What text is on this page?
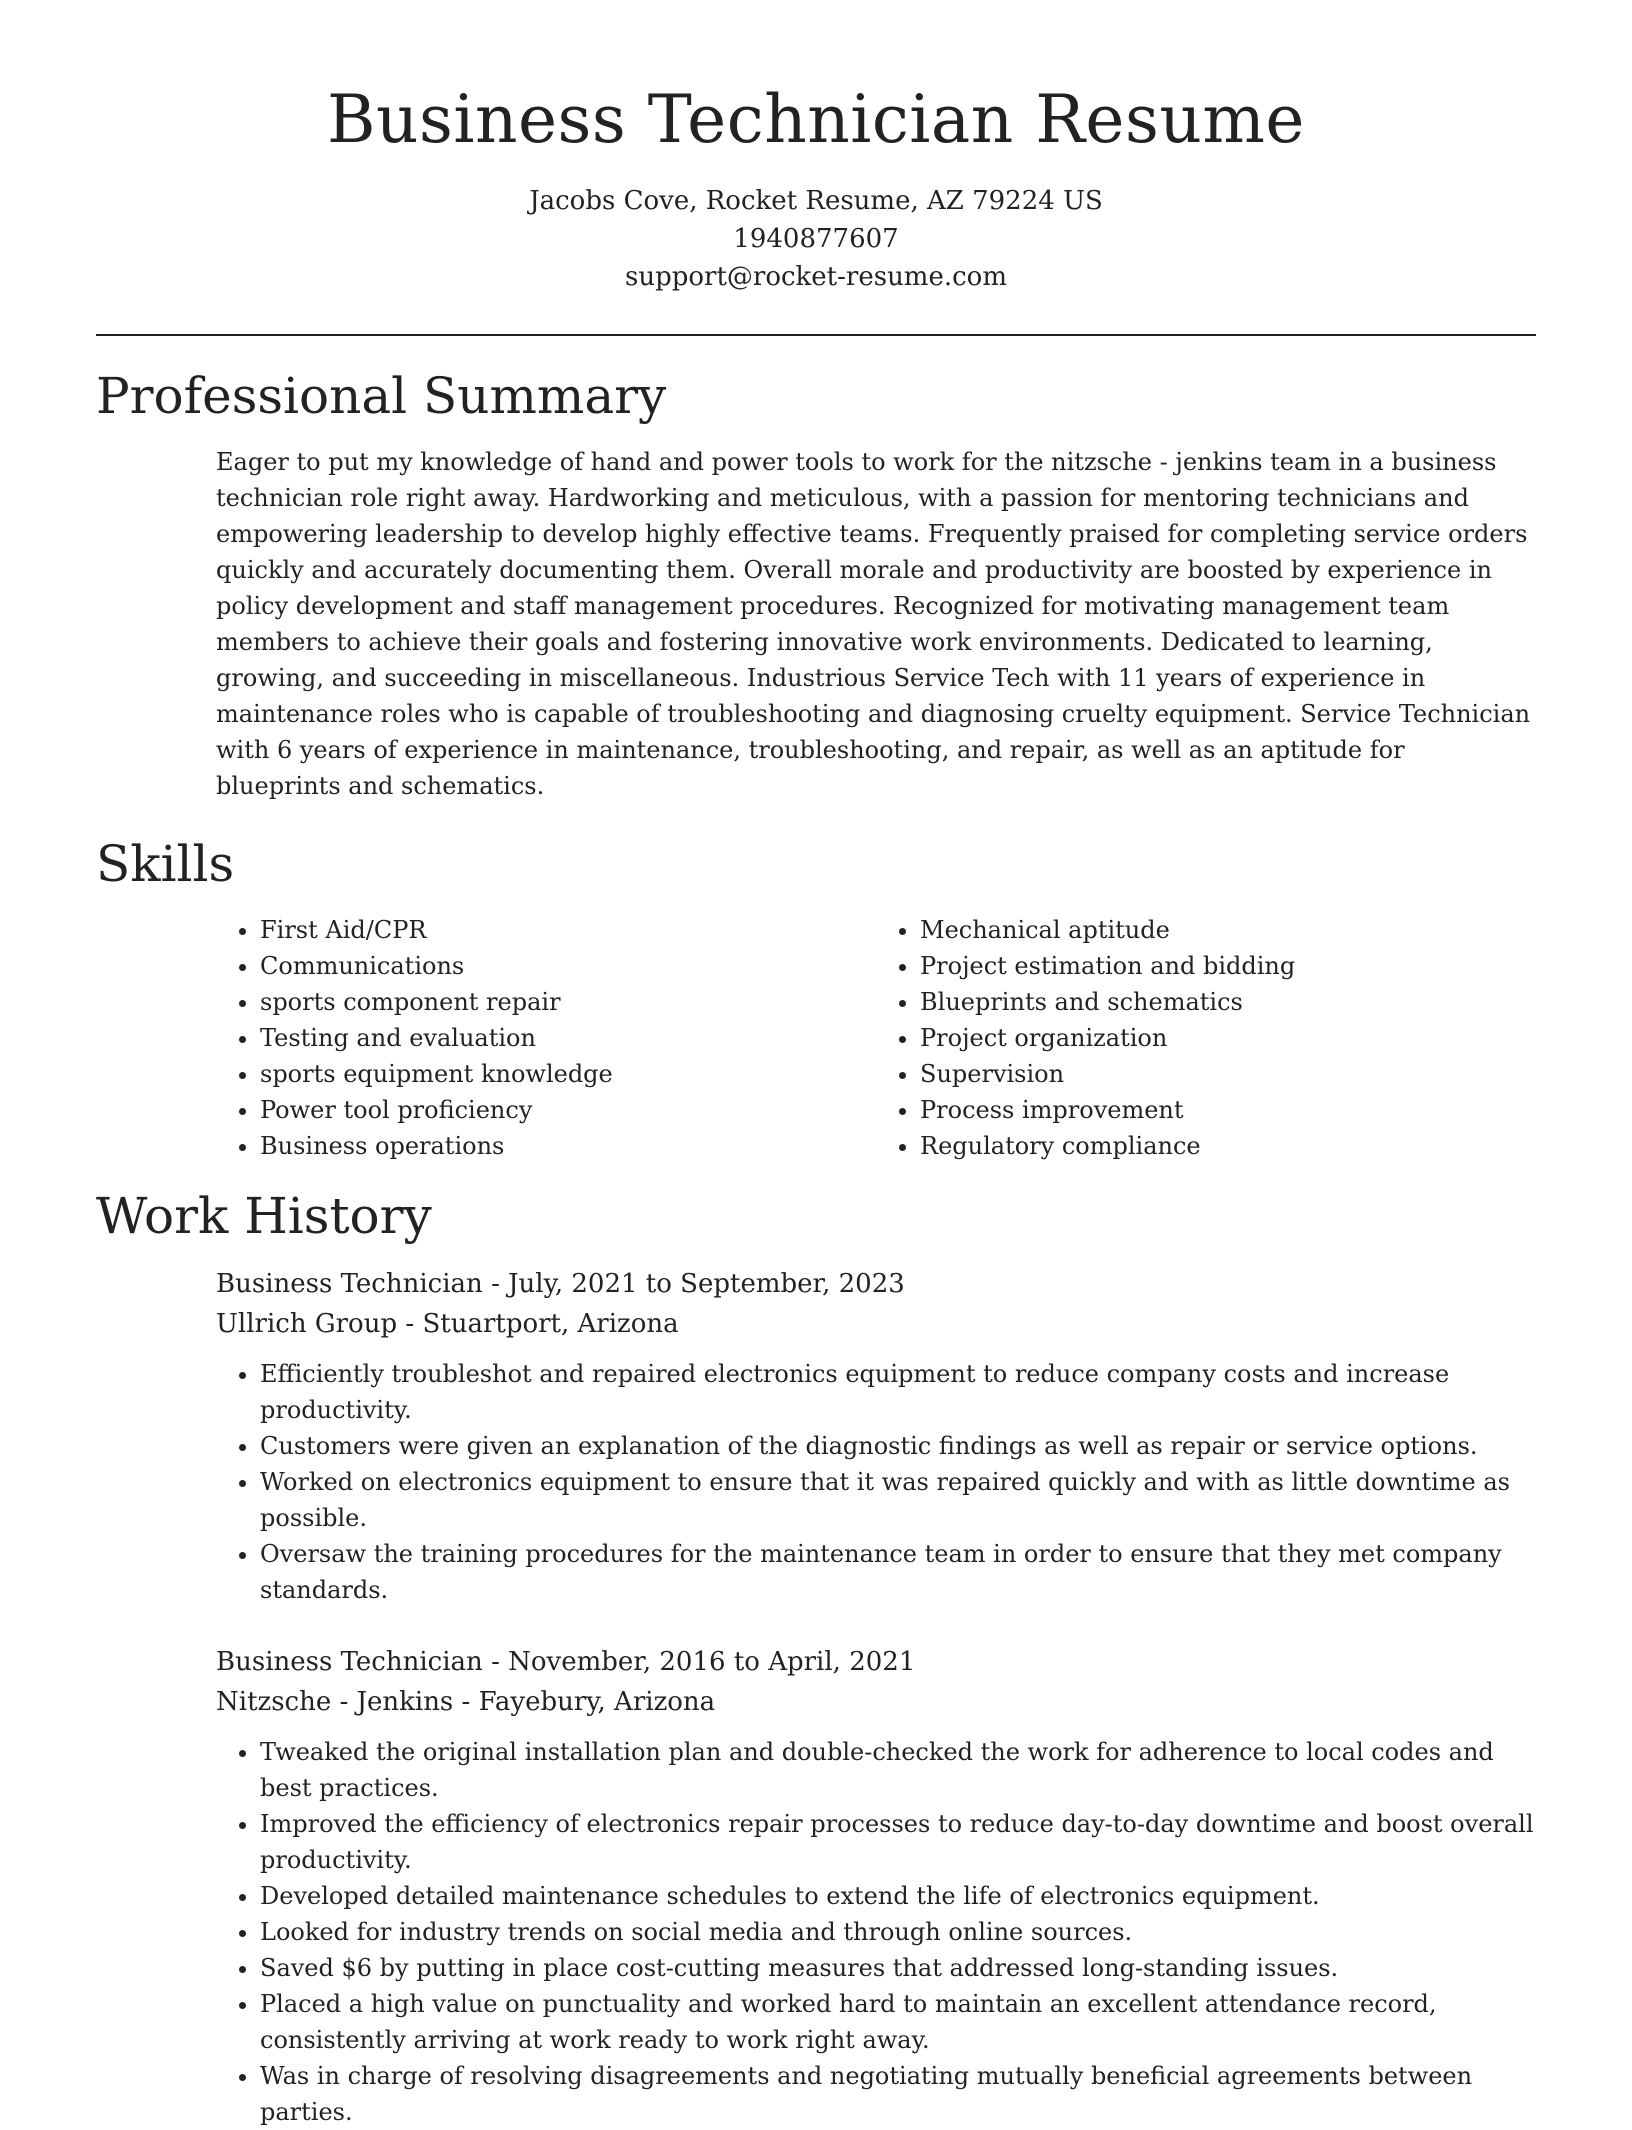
Business Technician Resume

Jacobs Cove, Rocket Resume, AZ 79224 US

1940877607

support@rocket-resume.com

Professional Summary

Eager to put my knowledge of hand and power tools to work for the nitzsche - jenkins team in a business technician role right away. Hardworking and meticulous, with a passion for mentoring technicians and empowering leadership to develop highly effective teams. Frequently praised for completing service orders quickly and accurately documenting them. Overall morale and productivity are boosted by experience in policy development and staff management procedures. Recognized for motivating management team members to achieve their goals and fostering innovative work environments. Dedicated to learning, growing, and succeeding in miscellaneous. Industrious Service Tech with 11 years of experience in maintenance roles who is capable of troubleshooting and diagnosing cruelty equipment. Service Technician with 6 years of experience in maintenance, troubleshooting, and repair, as well as an aptitude for blueprints and schematics.

Skills
• First Aid/CPR
• Communications
• sports component repair
• Testing and evaluation
• sports equipment knowledge
• Power tool proficiency
• Business operations
• Mechanical aptitude
• Project estimation and bidding
• Blueprints and schematics
• Project organization
• Supervision
• Process improvement
• Regulatory compliance
Work History

Business Technician - July, 2021 to September, 2023

Ullrich Group - Stuartport, Arizona

• Efficiently troubleshot and repaired electronics equipment to reduce company costs and increase productivity.
• Customers were given an explanation of the diagnostic findings as well as repair or service options.
• Worked on electronics equipment to ensure that it was repaired quickly and with as little downtime as possible.
• Oversaw the training procedures for the maintenance team in order to ensure that they met company standards.

Business Technician - November, 2016 to April, 2021

Nitzsche - Jenkins - Fayebury, Arizona

• Tweaked the original installation plan and double-checked the work for adherence to local codes and best practices.
• Improved the efficiency of electronics repair processes to reduce day-to-day downtime and boost overall productivity.
• Developed detailed maintenance schedules to extend the life of electronics equipment.
• Looked for industry trends on social media and through online sources.
• Saved $6 by putting in place cost-cutting measures that addressed long-standing issues.
• Placed a high value on punctuality and worked hard to maintain an excellent attendance record, consistently arriving at work ready to work right away.
• Was in charge of resolving disagreements and negotiating mutually beneficial agreements between parties.
